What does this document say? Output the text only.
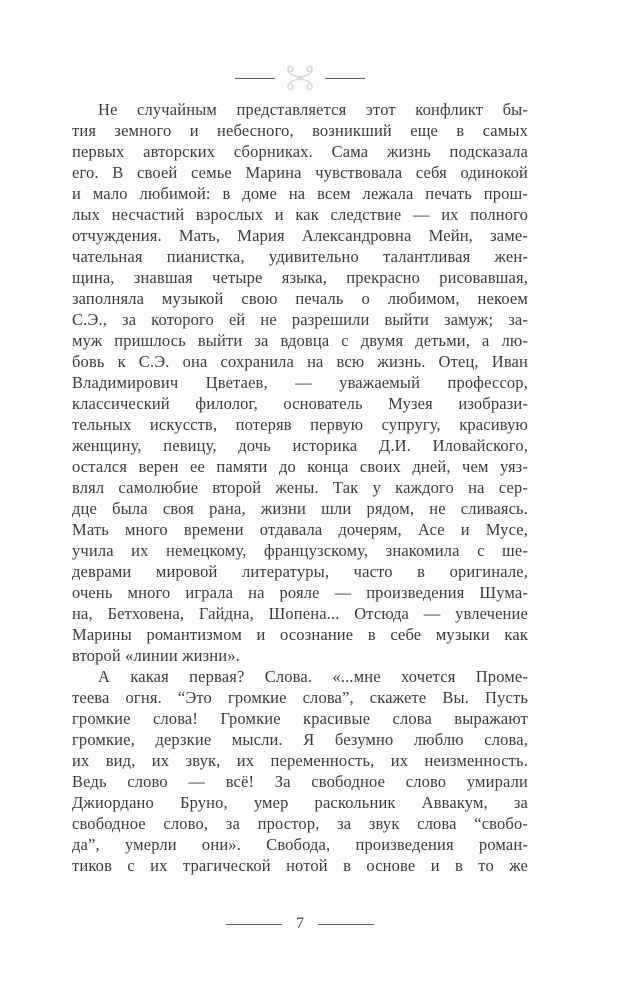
Не случайным представляется этот конфликт бы-
тия земного и небесного, возникший еще в самых
первых авторских сборниках. Сама жизнь подсказала
его. В своей семье Марина чувствовала себя одинокой
и мало любимой: в доме на всем лежала печать прош-
лых несчастий взрослых и как следствие — их полного
отчуждения. Мать, Мария Александровна Мейн, заме-
чательная пианистка, удивительно талантливая жен-
щина, знавшая четыре языка, прекрасно рисовавшая,
заполняла музыкой свою печаль о любимом, некоем
С.Э., за которого ей не разрешили выйти замуж; за-
муж пришлось выйти за вдовца с двумя детьми, а лю-
бовь к С.Э. она сохранила на всю жизнь. Отец, Иван
Владимирович Цветаев, — уважаемый профессор,
классический филолог, основатель Музея изобрази-
тельных искусств, потеряв первую супругу, красивую
женщину, певицу, дочь историка Д.И. Иловайского,
остался верен ее памяти до конца своих дней, чем уяз-
влял самолюбие второй жены. Так у каждого на сер-
дце была своя рана, жизни шли рядом, не сливаясь.
Мать много времени отдавала дочерям, Асе и Мусе,
учила их немецкому, французскому, знакомила с ше-
деврами мировой литературы, часто в оригинале,
очень много играла на рояле — произведения Шума-
на, Бетховена, Гайдна, Шопена... Отсюда — увлечение
Марины романтизмом и осознание в себе музыки как
второй «линии жизни».
А какая первая? Слова. «...мне хочется Проме-
теева огня. “Это громкие слова”, скажете Вы. Пусть
громкие слова! Громкие красивые слова выражают
громкие, дерзкие мысли. Я безумно люблю слова,
их вид, их звук, их переменность, их неизменность.
Ведь слово — всё! За свободное слово умирали
Джиордано Бруно, умер раскольник Аввакум, за
свободное слово, за простор, за звук слова “свобо-
да”, умерли они». Свобода, произведения роман-
тиков с их трагической нотой в основе и в то же
7
